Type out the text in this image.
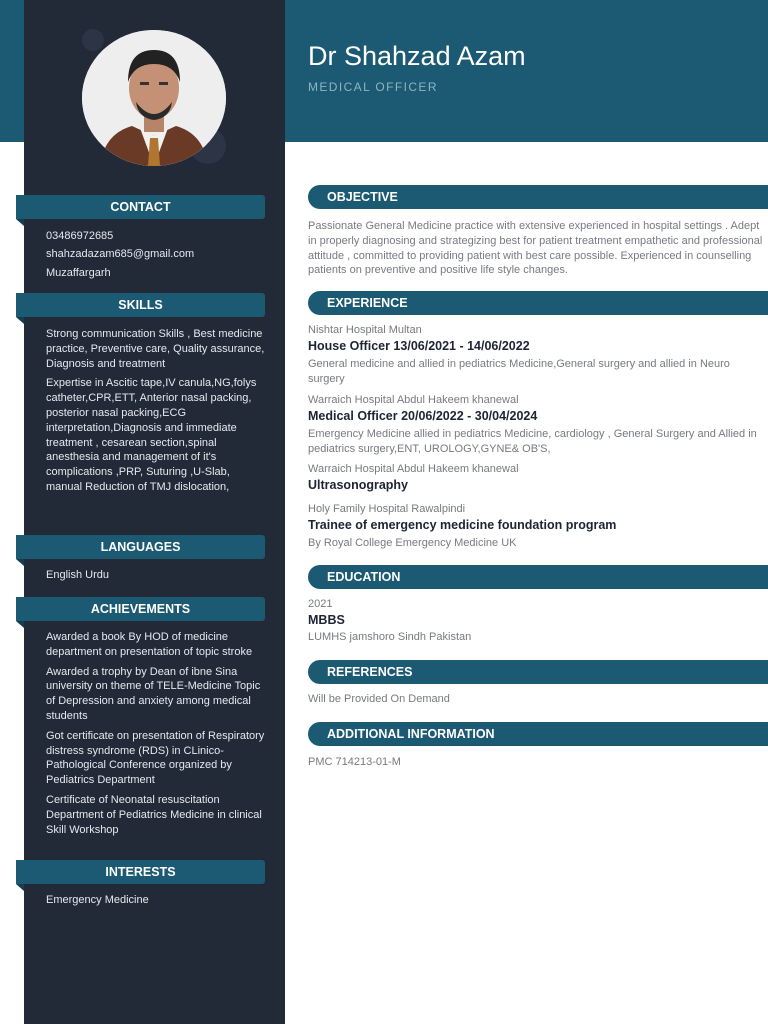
Dr Shahzad Azam
MEDICAL OFFICER
CONTACT
03486972685
shahzadazam685@gmail.com
Muzaffargarh
SKILLS

Strong communication Skills , Best medicine practice, Preventive care, Quality assurance, Diagnosis and treatment

Expertise in Ascitic tape,IV canula,NG,folys catheter,CPR,ETT, Anterior nasal packing, posterior nasal packing,ECG interpretation,Diagnosis and immediate treatment , cesarean section,spinal anesthesia and management of it's complications ,PRP, Suturing ,U-Slab, manual Reduction of TMJ dislocation,

LANGUAGES
English Urdu
ACHIEVEMENTS

Awarded a book By HOD of medicine department on presentation of topic stroke

Awarded a trophy by Dean of ibne Sina university on theme of TELE-Medicine Topic of Depression and anxiety among medical students

Got certificate on presentation of Respiratory distress syndrome (RDS) in CLinico-Pathological Conference organized by Pediatrics Department

Certificate of Neonatal resuscitation Department of Pediatrics Medicine in clinical Skill Workshop

INTERESTS
Emergency Medicine
OBJECTIVE
Passionate General Medicine practice with extensive experienced in hospital settings . Adept in properly diagnosing and strategizing best for patient treatment empathetic and professional attitude , committed to providing patient with best care possible. Experienced in counselling patients on preventive and positive life style changes.
EXPERIENCE
Nishtar Hospital Multan
House Officer 13/06/2021 - 14/06/2022
General medicine and allied in pediatrics Medicine,General surgery and allied in Neuro surgery
Warraich Hospital Abdul Hakeem khanewal
Medical Officer 20/06/2022 - 30/04/2024
Emergency Medicine allied in pediatrics Medicine, cardiology , General Surgery and Allied in pediatrics surgery,ENT, UROLOGY,GYNE& OB'S,
Warraich Hospital Abdul Hakeem khanewal
Ultrasonography
Holy Family Hospital Rawalpindi
Trainee of emergency medicine foundation program
By Royal College Emergency Medicine UK
EDUCATION
2021
MBBS
LUMHS jamshoro Sindh Pakistan
REFERENCES
Will be Provided On Demand
ADDITIONAL INFORMATION
PMC 714213-01-M
